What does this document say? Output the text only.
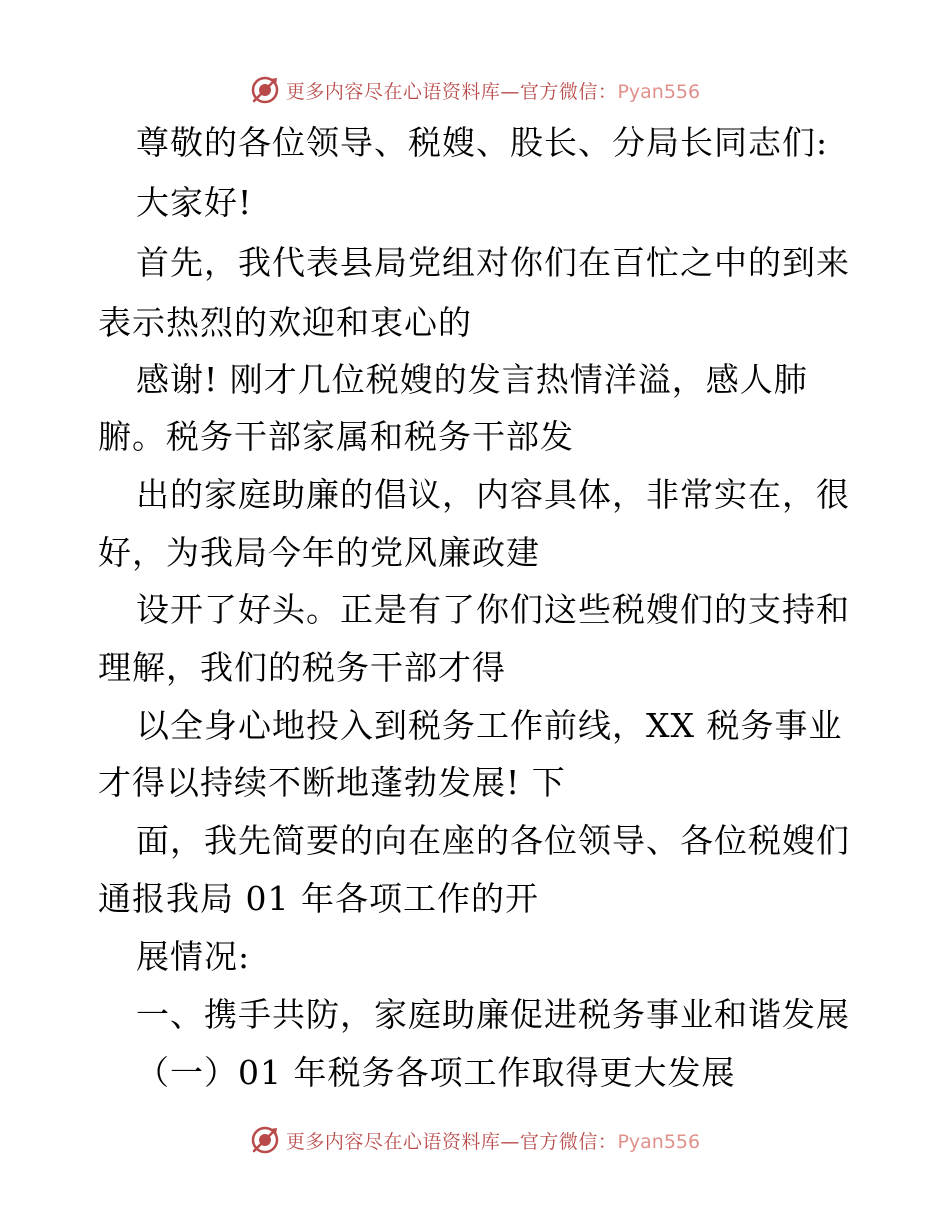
更多内容尽在心语资料库—官方微信：Pyan556
尊敬的各位领导、税嫂、股长、分局长同志们:
大家好!
首先，我代表县局党组对你们在百忙之中的到来
表示热烈的欢迎和衷心的
感谢! 刚才几位税嫂的发言热情洋溢，感人肺
腑。税务干部家属和税务干部发
出的家庭助廉的倡议，内容具体，非常实在，很
好，为我局今年的党风廉政建
设开了好头。正是有了你们这些税嫂们的支持和
理解，我们的税务干部才得
以全身心地投入到税务工作前线，XX 税务事业
才得以持续不断地蓬勃发展! 下
面，我先简要的向在座的各位领导、各位税嫂们
通报我局 01 年各项工作的开
展情况:
一、携手共防，家庭助廉促进税务事业和谐发展
（一）01 年税务各项工作取得更大发展
更多内容尽在心语资料库—官方微信：Pyan556
